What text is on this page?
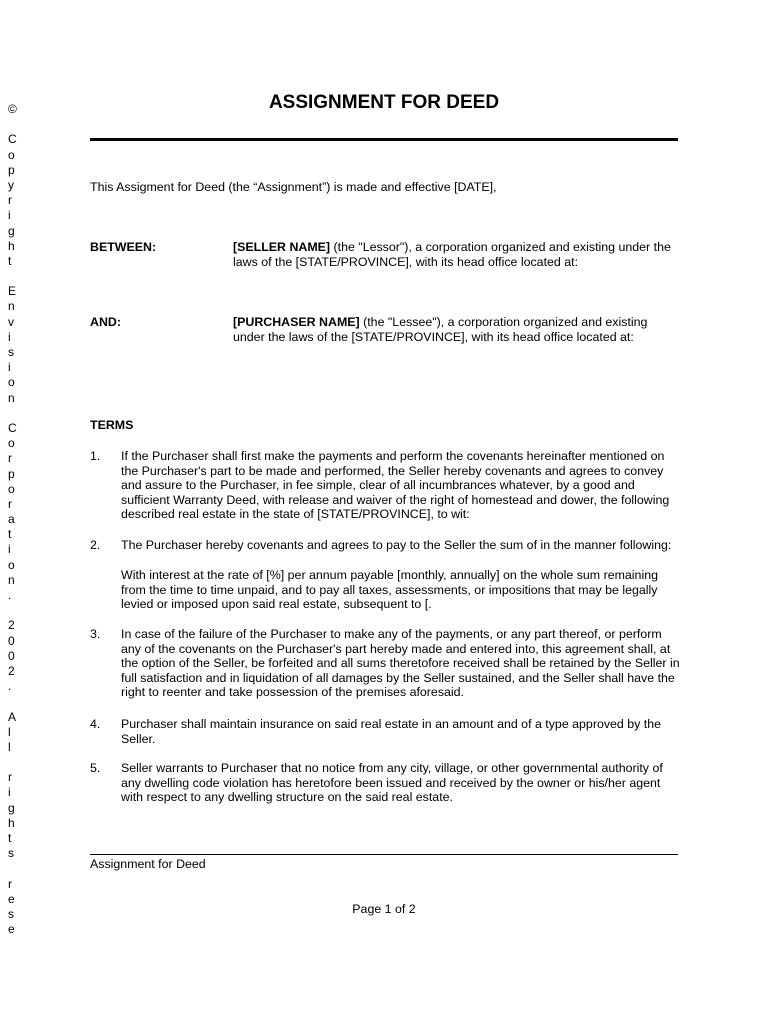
©

C
o
p
y
r
i
g
h
t

E
n
v
i
s
i
o
n

C
o
r
p
o
r
a
t
i
o
n
.

2
0
0
2
.

A
l
l

r
i
g
h
t
s

r
e
s
e
ASSIGNMENT FOR DEED
This Assigment for Deed (the “Assignment”) is made and effective [DATE],
BETWEEN:	[SELLER NAME] (the "Lessor"), a corporation organized and existing under the laws of the [STATE/PROVINCE], with its head office located at:
AND:	[PURCHASER NAME] (the "Lessee"), a corporation organized and existing under the laws of the [STATE/PROVINCE], with its head office located at:
TERMS
1. If the Purchaser shall first make the payments and perform the covenants hereinafter mentioned on the Purchaser's part to be made and performed, the Seller hereby covenants and agrees to convey and assure to the Purchaser, in fee simple, clear of all incumbrances whatever, by a good and sufficient Warranty Deed, with release and waiver of the right of homestead and dower, the following described real estate in the state of [STATE/PROVINCE], to wit:
2. The Purchaser hereby covenants and agrees to pay to the Seller the sum of in the manner following:
With interest at the rate of [%] per annum payable [monthly, annually] on the whole sum remaining from the time to time unpaid, and to pay all taxes, assessments, or impositions that may be legally levied or imposed upon said real estate, subsequent to [.
3. In case of the failure of the Purchaser to make any of the payments, or any part thereof, or perform any of the covenants on the Purchaser's part hereby made and entered into, this agreement shall, at the option of the Seller, be forfeited and all sums theretofore received shall be retained by the Seller in full satisfaction and in liquidation of all damages by the Seller sustained, and the Seller shall have the right to reenter and take possession of the premises aforesaid.
4. Purchaser shall maintain insurance on said real estate in an amount and of a type approved by the Seller.
5. Seller warrants to Purchaser that no notice from any city, village, or other governmental authority of any dwelling code violation has heretofore been issued and received by the owner or his/her agent with respect to any dwelling structure on the said real estate.
Assignment for Deed
Page 1 of 2
